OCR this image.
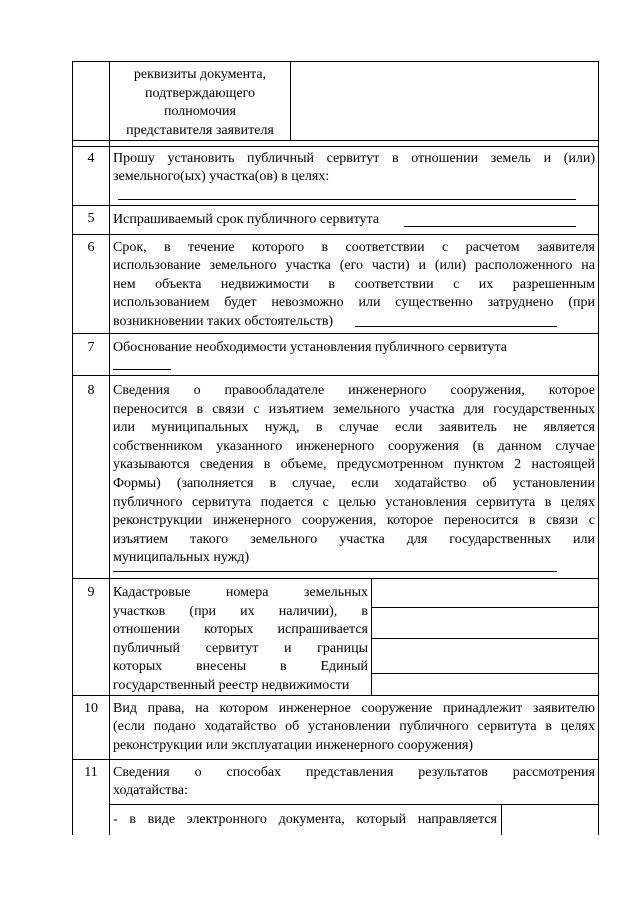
реквизиты документа,
подтверждающего
полномочия
представителя заявителя
4	Прошу установить публичный сервитут в отношении земель и (или)
земельного(ых) участка(ов) в целях:
5	Испрашиваемый срок публичного сервитута
6	Срок, в течение которого в соответствии с расчетом заявителя
использование земельного участка (его части) и (или) расположенного на
нем объекта недвижимости в соответствии с их разрешенным
использованием будет невозможно или существенно затруднено (при
возникновении таких обстоятельств)
7	Обоснование необходимости установления публичного сервитута
8	Сведения о правообладателе инженерного сооружения, которое
переносится в связи с изъятием земельного участка для государственных
или муниципальных нужд, в случае если заявитель не является
собственником указанного инженерного сооружения (в данном случае
указываются сведения в объеме, предусмотренном пунктом 2 настоящей
Формы) (заполняется в случае, если ходатайство об установлении
публичного сервитута подается с целью установления сервитута в целях
реконструкции инженерного сооружения, которое переносится в связи с
изъятием такого земельного участка для государственных или
муниципальных нужд)
9	Кадастровые номера земельных
участков (при их наличии), в
отношении которых испрашивается
публичный сервитут и границы
которых внесены в Единый
государственный реестр недвижимости
10	Вид права, на котором инженерное сооружение принадлежит заявителю
(если подано ходатайство об установлении публичного сервитута в целях
реконструкции или эксплуатации инженерного сооружения)
11	Сведения о способах представления результатов рассмотрения
ходатайства:
- в виде электронного документа, который направляется
